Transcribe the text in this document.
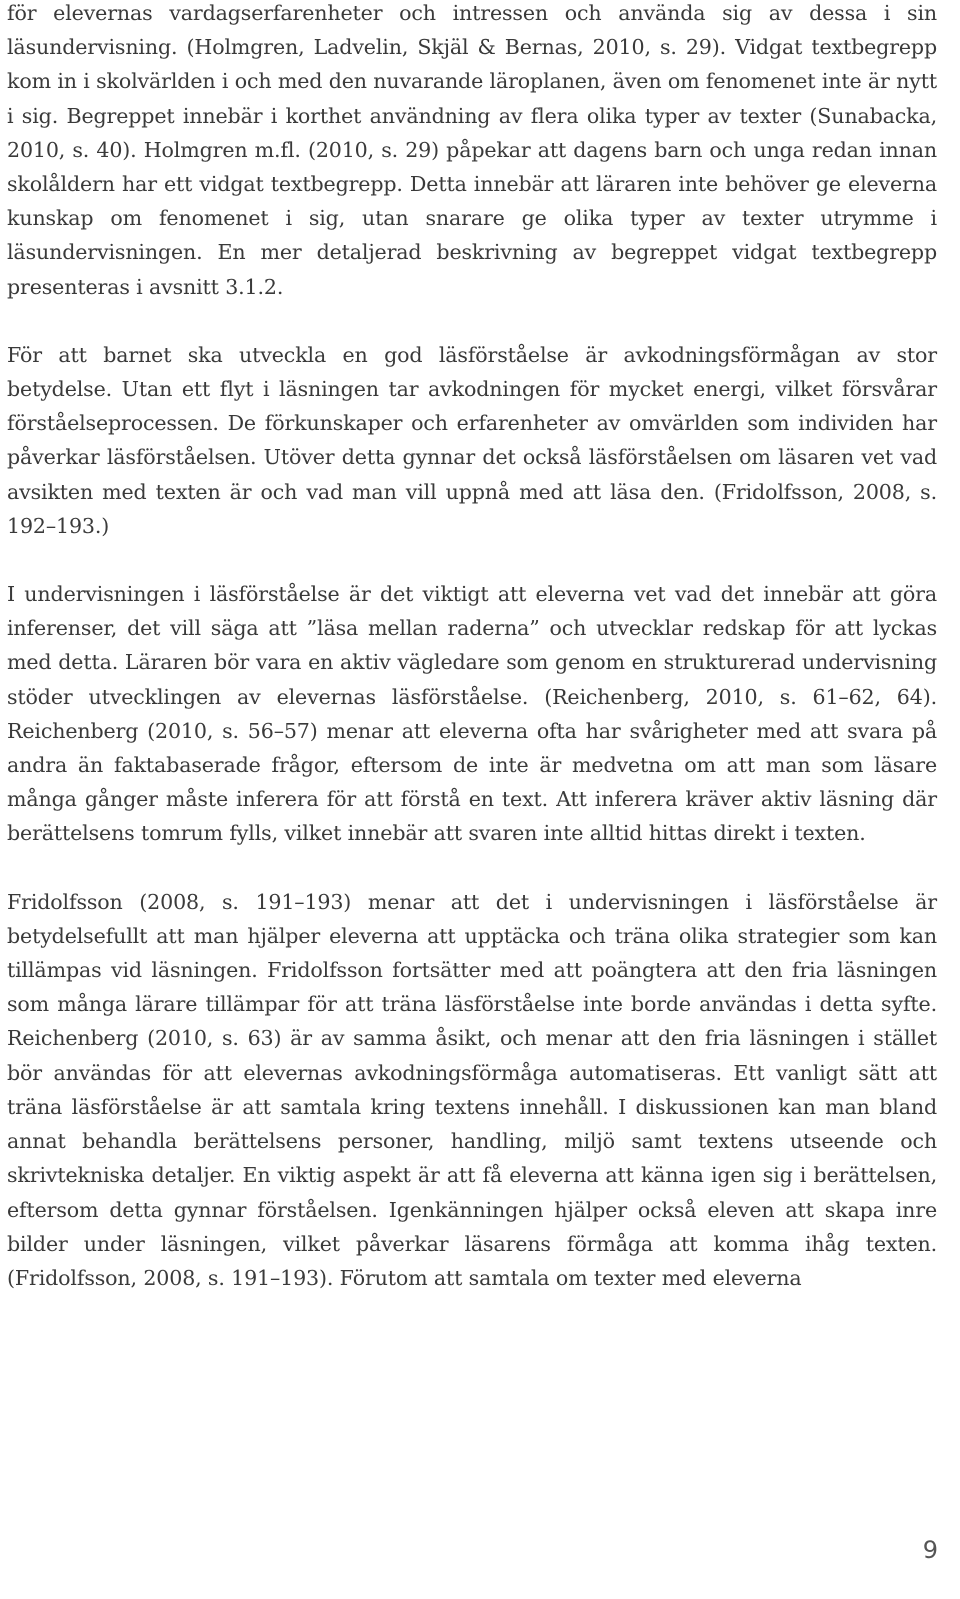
för elevernas vardagserfarenheter och intressen och använda sig av dessa i sin läsundervisning. (Holmgren, Ladvelin, Skjäl & Bernas, 2010, s. 29). Vidgat textbegrepp kom in i skolvärlden i och med den nuvarande läroplanen, även om fenomenet inte är nytt i sig. Begreppet innebär i korthet användning av flera olika typer av texter (Sunabacka, 2010, s. 40). Holmgren m.fl. (2010, s. 29) påpekar att dagens barn och unga redan innan skolåldern har ett vidgat textbegrepp. Detta innebär att läraren inte behöver ge eleverna kunskap om fenomenet i sig, utan snarare ge olika typer av texter utrymme i läsundervisningen. En mer detaljerad beskrivning av begreppet vidgat textbegrepp presenteras i avsnitt 3.1.2.

För att barnet ska utveckla en god läsförståelse är avkodningsförmågan av stor betydelse. Utan ett flyt i läsningen tar avkodningen för mycket energi, vilket försvårar förståelseprocessen. De förkunskaper och erfarenheter av omvärlden som individen har påverkar läsförståelsen. Utöver detta gynnar det också läsförståelsen om läsaren vet vad avsikten med texten är och vad man vill uppnå med att läsa den. (Fridolfsson, 2008, s. 192–193.)

I undervisningen i läsförståelse är det viktigt att eleverna vet vad det innebär att göra inferenser, det vill säga att ”läsa mellan raderna” och utvecklar redskap för att lyckas med detta. Läraren bör vara en aktiv vägledare som genom en strukturerad undervisning stöder utvecklingen av elevernas läsförståelse. (Reichenberg, 2010, s. 61–62, 64). Reichenberg (2010, s. 56–57) menar att eleverna ofta har svårigheter med att svara på andra än faktabaserade frågor, eftersom de inte är medvetna om att man som läsare många gånger måste inferera för att förstå en text. Att inferera kräver aktiv läsning där berättelsens tomrum fylls, vilket innebär att svaren inte alltid hittas direkt i texten.

Fridolfsson (2008, s. 191–193) menar att det i undervisningen i läsförståelse är betydelsefullt att man hjälper eleverna att upptäcka och träna olika strategier som kan tillämpas vid läsningen. Fridolfsson fortsätter med att poängtera att den fria läsningen som många lärare tillämpar för att träna läsförståelse inte borde användas i detta syfte. Reichenberg (2010, s. 63) är av samma åsikt, och menar att den fria läsningen i stället bör användas för att elevernas avkodningsförmåga automatiseras. Ett vanligt sätt att träna läsförståelse är att samtala kring textens innehåll. I diskussionen kan man bland annat behandla berättelsens personer, handling, miljö samt textens utseende och skrivtekniska detaljer. En viktig aspekt är att få eleverna att känna igen sig i berättelsen, eftersom detta gynnar förståelsen. Igenkänningen hjälper också eleven att skapa inre bilder under läsningen, vilket påverkar läsarens förmåga att komma ihåg texten. (Fridolfsson, 2008, s. 191–193). Förutom att samtala om texter med eleverna

9
